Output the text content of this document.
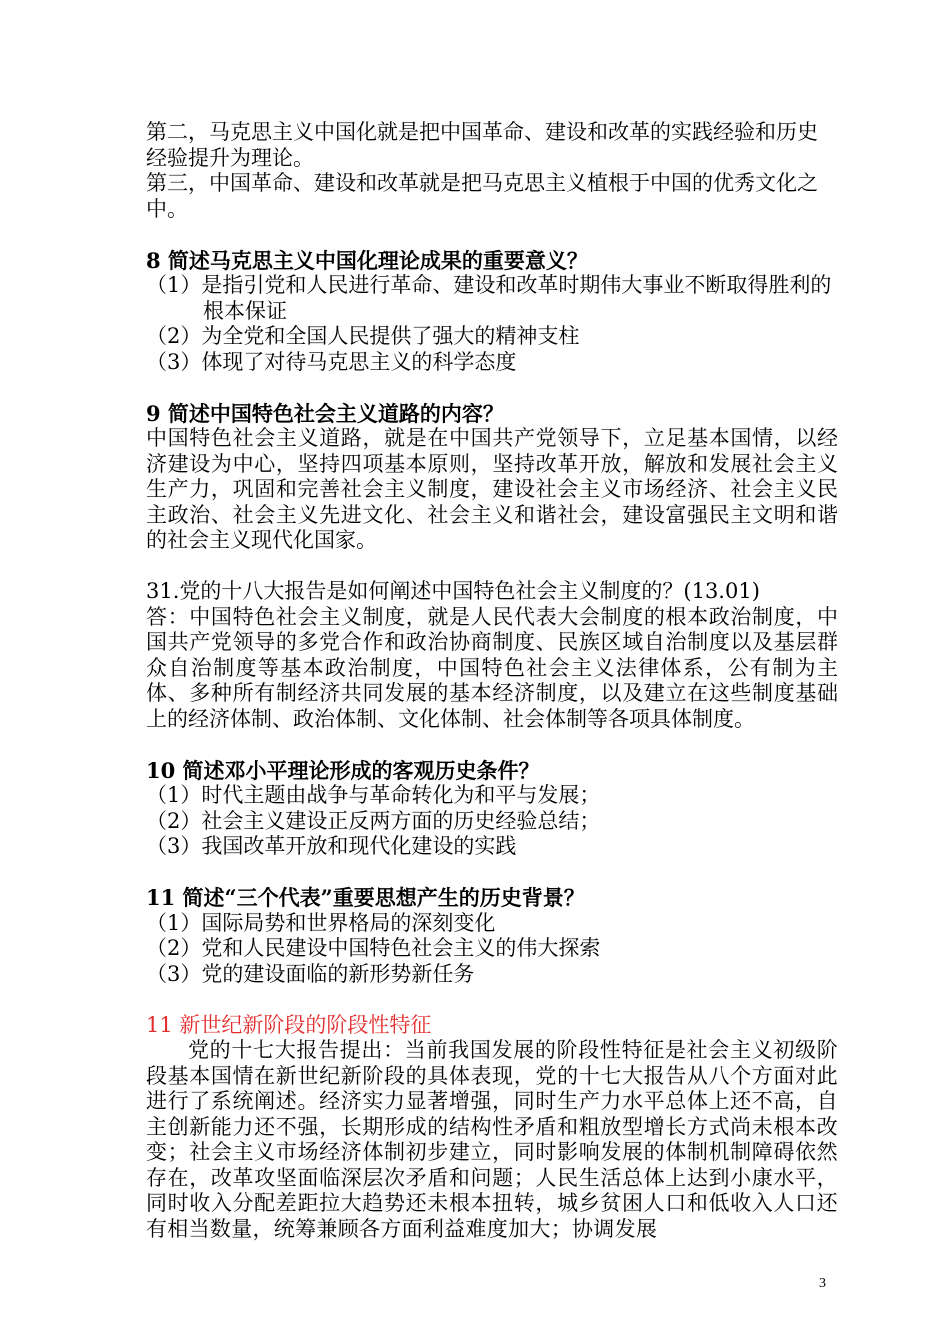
第二，马克思主义中国化就是把中国革命、建设和改革的实践经验和历史经验提升为理论。

第三，中国革命、建设和改革就是把马克思主义植根于中国的优秀文化之中。

8 简述马克思主义中国化理论成果的重要意义？

（1）是指引党和人民进行革命、建设和改革时期伟大事业不断取得胜利的根本保证

（2）为全党和全国人民提供了强大的精神支柱

（3）体现了对待马克思主义的科学态度

9 简述中国特色社会主义道路的内容？

中国特色社会主义道路，就是在中国共产党领导下，立足基本国情，以经济建设为中心，坚持四项基本原则，坚持改革开放，解放和发展社会主义生产力，巩固和完善社会主义制度，建设社会主义市场经济、社会主义民主政治、社会主义先进文化、社会主义和谐社会，建设富强民主文明和谐的社会主义现代化国家。

31.党的十八大报告是如何阐述中国特色社会主义制度的？(13.01)

答：中国特色社会主义制度，就是人民代表大会制度的根本政治制度，中国共产党领导的多党合作和政治协商制度、民族区域自治制度以及基层群众自治制度等基本政治制度，中国特色社会主义法律体系，公有制为主体、多种所有制经济共同发展的基本经济制度，以及建立在这些制度基础上的经济体制、政治体制、文化体制、社会体制等各项具体制度。

10 简述邓小平理论形成的客观历史条件？

（1）时代主题由战争与革命转化为和平与发展；

（2）社会主义建设正反两方面的历史经验总结；

（3）我国改革开放和现代化建设的实践

11 简述“三个代表”重要思想产生的历史背景？

（1）国际局势和世界格局的深刻变化

（2）党和人民建设中国特色社会主义的伟大探索

（3）党的建设面临的新形势新任务

11 新世纪新阶段的阶段性特征

党的十七大报告提出：当前我国发展的阶段性特征是社会主义初级阶段基本国情在新世纪新阶段的具体表现，党的十七大报告从八个方面对此进行了系统阐述。经济实力显著增强，同时生产力水平总体上还不高，自主创新能力还不强，长期形成的结构性矛盾和粗放型增长方式尚未根本改变；社会主义市场经济体制初步建立，同时影响发展的体制机制障碍依然存在，改革攻坚面临深层次矛盾和问题；人民生活总体上达到小康水平，同时收入分配差距拉大趋势还未根本扭转，城乡贫困人口和低收入人口还有相当数量，统筹兼顾各方面利益难度加大；协调发展

3
